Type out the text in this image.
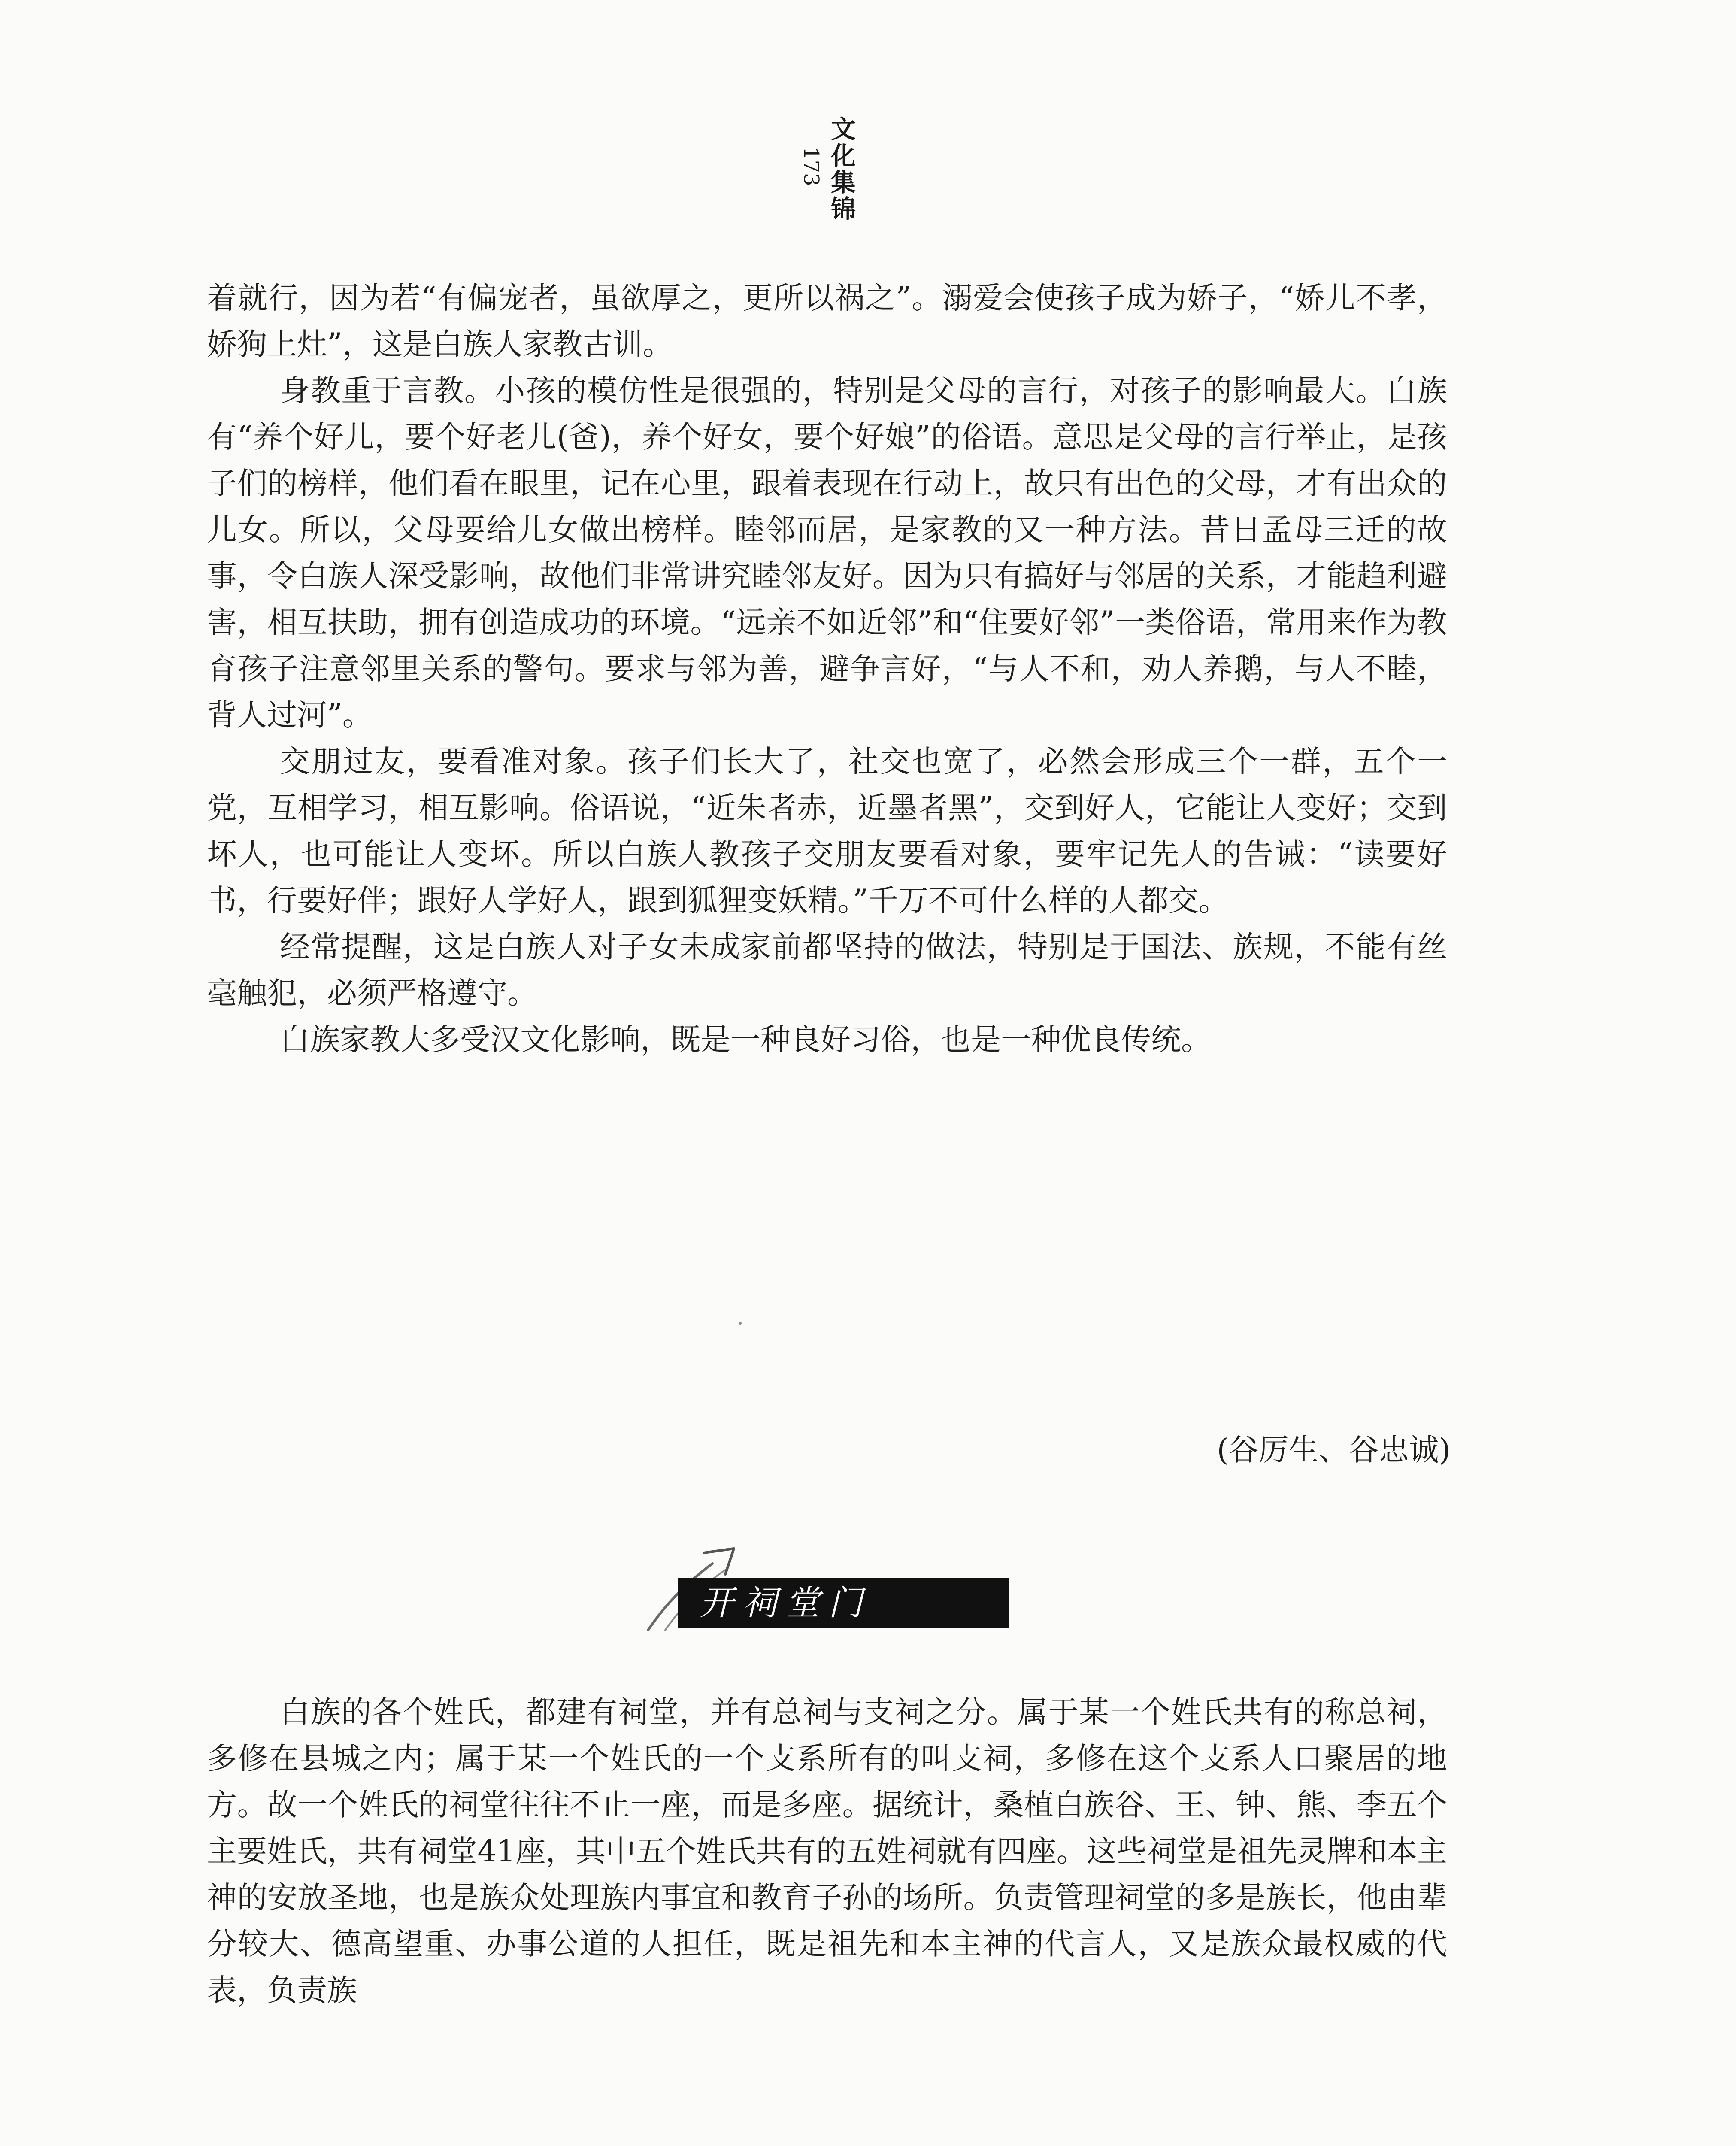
文化集锦
173

着就行，因为若“有偏宠者，虽欲厚之，更所以祸之”。溺爱会使孩子成为娇子，“娇儿不孝，娇狗上灶”，这是白族人家教古训。

身教重于言教。小孩的模仿性是很强的，特别是父母的言行，对孩子的影响最大。白族有“养个好儿，要个好老儿(爸)，养个好女，要个好娘”的俗语。意思是父母的言行举止，是孩子们的榜样，他们看在眼里，记在心里，跟着表现在行动上，故只有出色的父母，才有出众的儿女。所以，父母要给儿女做出榜样。睦邻而居，是家教的又一种方法。昔日孟母三迁的故事，令白族人深受影响，故他们非常讲究睦邻友好。因为只有搞好与邻居的关系，才能趋利避害，相互扶助，拥有创造成功的环境。“远亲不如近邻”和“住要好邻”一类俗语，常用来作为教育孩子注意邻里关系的警句。要求与邻为善，避争言好，“与人不和，劝人养鹅，与人不睦，背人过河”。

交朋过友，要看准对象。孩子们长大了，社交也宽了，必然会形成三个一群，五个一党，互相学习，相互影响。俗语说，“近朱者赤，近墨者黑”，交到好人，它能让人变好；交到坏人，也可能让人变坏。所以白族人教孩子交朋友要看对象，要牢记先人的告诫：“读要好书，行要好伴；跟好人学好人，跟到狐狸变妖精。”千万不可什么样的人都交。

经常提醒，这是白族人对子女未成家前都坚持的做法，特别是于国法、族规，不能有丝毫触犯，必须严格遵守。

白族家教大多受汉文化影响，既是一种良好习俗，也是一种优良传统。

(谷厉生、谷忠诚)
开祠堂门

白族的各个姓氏，都建有祠堂，并有总祠与支祠之分。属于某一个姓氏共有的称总祠，多修在县城之内；属于某一个姓氏的一个支系所有的叫支祠，多修在这个支系人口聚居的地方。故一个姓氏的祠堂往往不止一座，而是多座。据统计，桑植白族谷、王、钟、熊、李五个主要姓氏，共有祠堂41座，其中五个姓氏共有的五姓祠就有四座。这些祠堂是祖先灵牌和本主神的安放圣地，也是族众处理族内事宜和教育子孙的场所。负责管理祠堂的多是族长，他由辈分较大、德高望重、办事公道的人担任，既是祖先和本主神的代言人，又是族众最权威的代表，负责族
